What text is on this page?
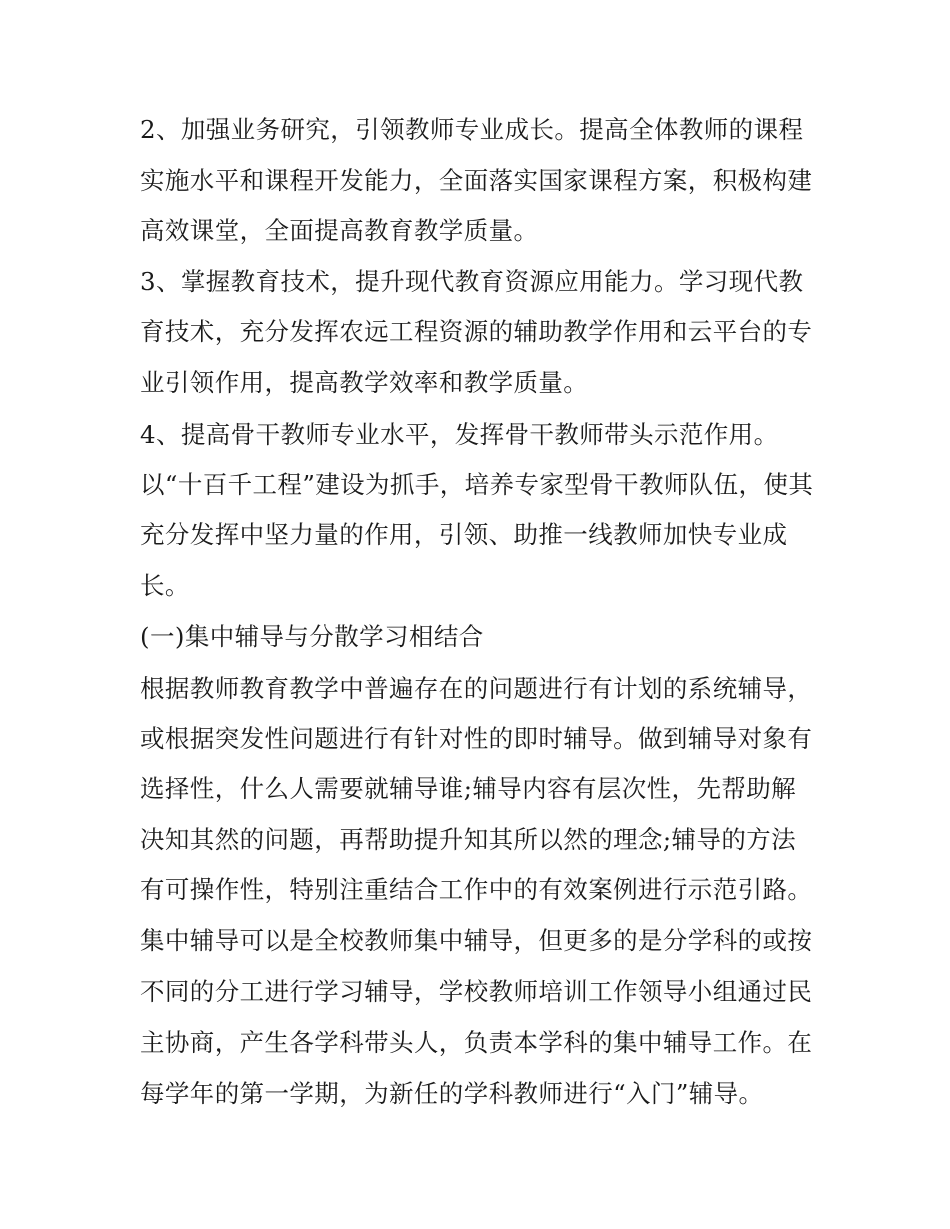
2、加强业务研究，引领教师专业成长。提高全体教师的课程
实施水平和课程开发能力，全面落实国家课程方案，积极构建
高效课堂，全面提高教育教学质量。
3、掌握教育技术，提升现代教育资源应用能力。学习现代教
育技术，充分发挥农远工程资源的辅助教学作用和云平台的专
业引领作用，提高教学效率和教学质量。
4、提高骨干教师专业水平，发挥骨干教师带头示范作用。
以“十百千工程”建设为抓手，培养专家型骨干教师队伍，使其
充分发挥中坚力量的作用，引领、助推一线教师加快专业成
长。
(一)集中辅导与分散学习相结合
根据教师教育教学中普遍存在的问题进行有计划的系统辅导，
或根据突发性问题进行有针对性的即时辅导。做到辅导对象有
选择性，什么人需要就辅导谁;辅导内容有层次性，先帮助解
决知其然的问题，再帮助提升知其所以然的理念;辅导的方法
有可操作性，特别注重结合工作中的有效案例进行示范引路。
集中辅导可以是全校教师集中辅导，但更多的是分学科的或按
不同的分工进行学习辅导，学校教师培训工作领导小组通过民
主协商，产生各学科带头人，负责本学科的集中辅导工作。在
每学年的第一学期，为新任的学科教师进行“入门”辅导。
